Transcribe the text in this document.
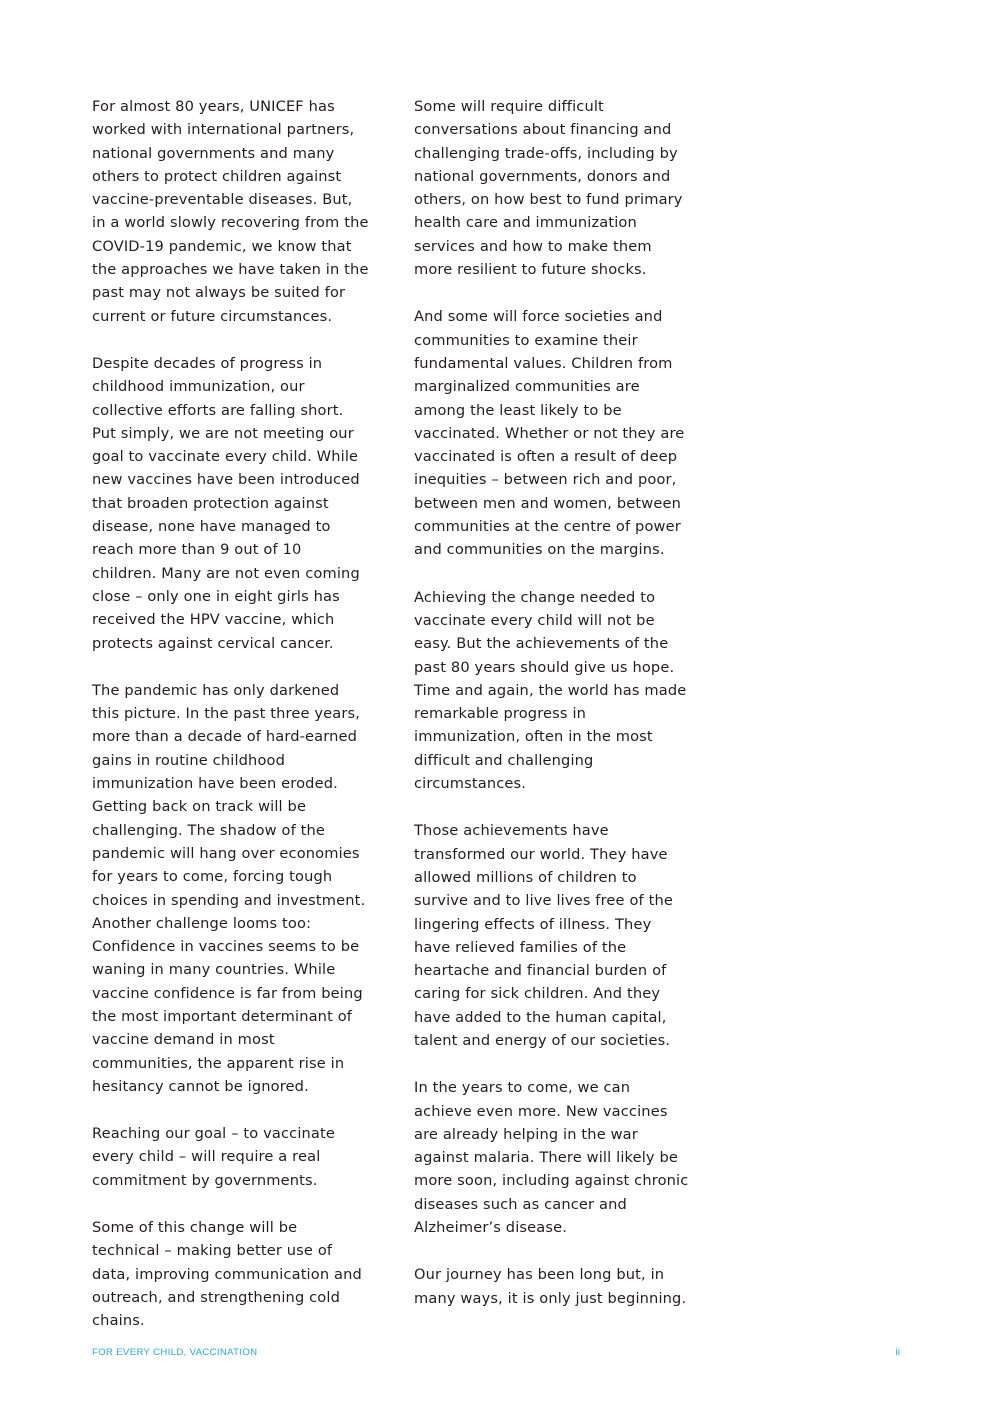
For almost 80 years, UNICEF has worked with international partners, national governments and many others to protect children against vaccine-preventable diseases. But, in a world slowly recovering from the COVID-19 pandemic, we know that the approaches we have taken in the past may not always be suited for current or future circumstances.

Despite decades of progress in childhood immunization, our collective efforts are falling short. Put simply, we are not meeting our goal to vaccinate every child. While new vaccines have been introduced that broaden protection against disease, none have managed to reach more than 9 out of 10 children. Many are not even coming close – only one in eight girls has received the HPV vaccine, which protects against cervical cancer.

The pandemic has only darkened this picture. In the past three years, more than a decade of hard-earned gains in routine childhood immunization have been eroded. Getting back on track will be challenging. The shadow of the pandemic will hang over economies for years to come, forcing tough choices in spending and investment. Another challenge looms too: Confidence in vaccines seems to be waning in many countries. While vaccine confidence is far from being the most important determinant of vaccine demand in most communities, the apparent rise in hesitancy cannot be ignored.

Reaching our goal – to vaccinate every child – will require a real commitment by governments.

Some of this change will be technical – making better use of data, improving communication and outreach, and strengthening cold chains.

Some will require difficult conversations about financing and challenging trade-offs, including by national governments, donors and others, on how best to fund primary health care and immunization services and how to make them more resilient to future shocks.

And some will force societies and communities to examine their fundamental values. Children from marginalized communities are among the least likely to be vaccinated. Whether or not they are vaccinated is often a result of deep inequities – between rich and poor, between men and women, between communities at the centre of power and communities on the margins.

Achieving the change needed to vaccinate every child will not be easy. But the achievements of the past 80 years should give us hope. Time and again, the world has made remarkable progress in immunization, often in the most difficult and challenging circumstances.

Those achievements have transformed our world. They have allowed millions of children to survive and to live lives free of the lingering effects of illness. They have relieved families of the heartache and financial burden of caring for sick children. And they have added to the human capital, talent and energy of our societies.

In the years to come, we can achieve even more. New vaccines are already helping in the war against malaria. There will likely be more soon, including against chronic diseases such as cancer and Alzheimer’s disease.

Our journey has been long but, in many ways, it is only just beginning.

FOR EVERY CHILD, VACCINATION	ii
